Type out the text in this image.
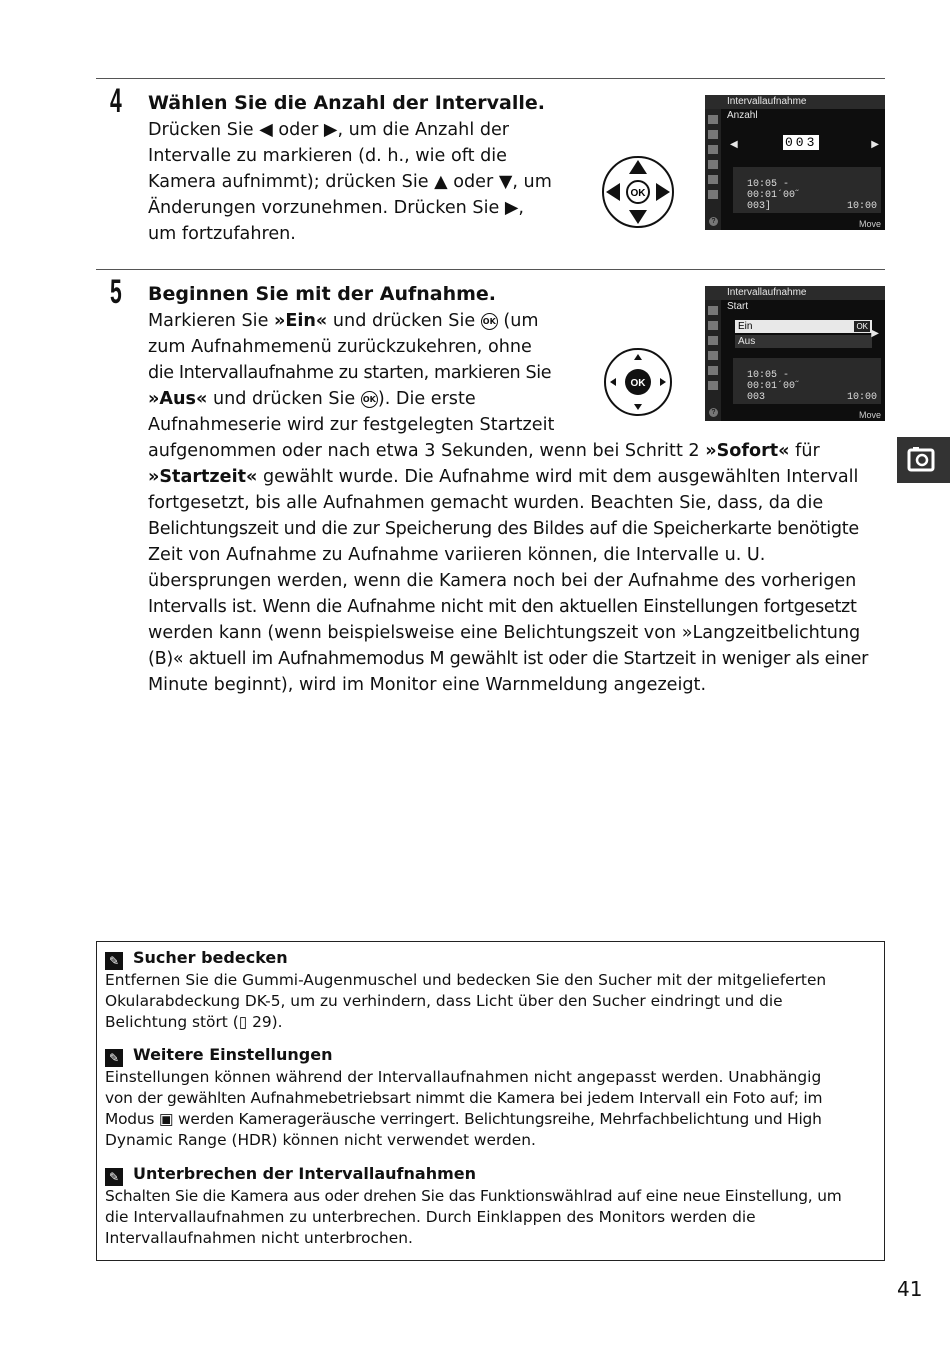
4 Wählen Sie die Anzahl der Intervalle.
Drücken Sie ◀ oder ▶, um die Anzahl der
Intervalle zu markieren (d. h., wie oft die
Kamera aufnimmt); drücken Sie ▲ oder ▼, um
Änderungen vorzunehmen. Drücken Sie ▶,
um fortzufahren.
OK
Intervallaufnahme
Anzahl
◀	003	▶
10:05 -
00:01´00˝
003]	10:00
?	Move
5 Beginnen Sie mit der Aufnahme.
Markieren Sie »Ein« und drücken Sie OK (um
zum Aufnahmemenü zurückzukehren, ohne
die Intervallaufnahme zu starten, markieren Sie
»Aus« und drücken Sie OK ). Die erste
Aufnahmeserie wird zur festgelegten Startzeit
aufgenommen oder nach etwa 3 Sekunden, wenn bei Schritt 2 »Sofort« für
»Startzeit« gewählt wurde. Die Aufnahme wird mit dem ausgewählten Intervall
fortgesetzt, bis alle Aufnahmen gemacht wurden. Beachten Sie, dass, da die
Belichtungszeit und die zur Speicherung des Bildes auf die Speicherkarte benötigte
Zeit von Aufnahme zu Aufnahme variieren können, die Intervalle u. U.
übersprungen werden, wenn die Kamera noch bei der Aufnahme des vorherigen
Intervalls ist. Wenn die Aufnahme nicht mit den aktuellen Einstellungen fortgesetzt
werden kann (wenn beispielsweise eine Belichtungszeit von »Langzeitbelichtung
(B)« aktuell im Aufnahmemodus M gewählt ist oder die Startzeit in weniger als einer
Minute beginnt), wird im Monitor eine Warnmeldung angezeigt.
OK
Intervallaufnahme
Start
Ein	OK
Aus
▶
10:05 -
00:01´00˝
003	10:00
?	Move
✎ Sucher bedecken
Entfernen Sie die Gummi-Augenmuschel und bedecken Sie den Sucher mit der mitgelieferten
Okularabdeckung DK-5, um zu verhindern, dass Licht über den Sucher eindringt und die
Belichtung stört (▯ 29).
✎ Weitere Einstellungen
Einstellungen können während der Intervallaufnahmen nicht angepasst werden. Unabhängig
von der gewählten Aufnahmebetriebsart nimmt die Kamera bei jedem Intervall ein Foto auf; im
Modus ▣ werden Kamerageräusche verringert. Belichtungsreihe, Mehrfachbelichtung und High
Dynamic Range (HDR) können nicht verwendet werden.
✎ Unterbrechen der Intervallaufnahmen
Schalten Sie die Kamera aus oder drehen Sie das Funktionswählrad auf eine neue Einstellung, um
die Intervallaufnahmen zu unterbrechen. Durch Einklappen des Monitors werden die
Intervallaufnahmen nicht unterbrochen.
41
